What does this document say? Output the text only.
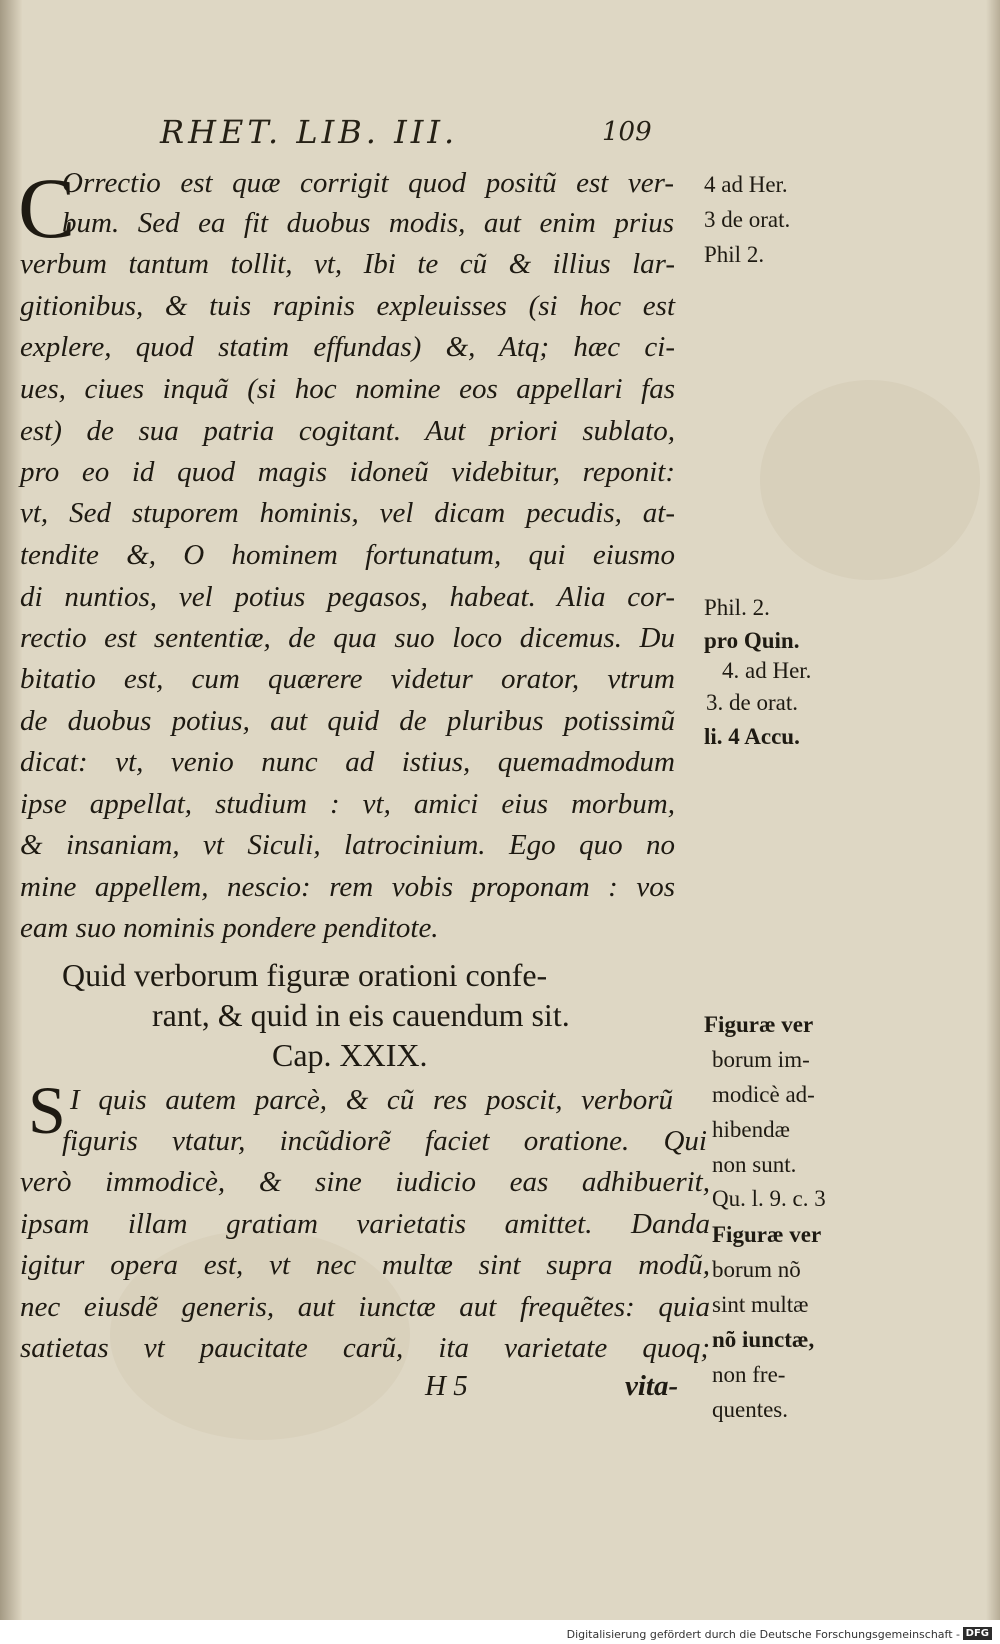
RHET. LIB. III.	109
C
Orrectio est quæ corrigit quod positũ est ver-
bum. Sed ea fit duobus modis, aut enim prius
verbum tantum tollit, vt, Ibi te cũ & illius lar-
gitionibus, & tuis rapinis expleuisses (si hoc est
explere, quod statim effundas) &, Atq; hæc ci-
ues, ciues inquã (si hoc nomine eos appellari fas
est) de sua patria cogitant. Aut priori sublato,
pro eo id quod magis idoneũ videbitur, reponit:
vt, Sed stuporem hominis, vel dicam pecudis, at-
tendite &, O hominem fortunatum, qui eiusmo
di nuntios, vel potius pegasos, habeat. Alia cor-
rectio est sententiæ, de qua suo loco dicemus. Du
bitatio est, cum quærere videtur orator, vtrum
de duobus potius, aut quid de pluribus potissimũ
dicat: vt, venio nunc ad istius, quemadmodum
ipse appellat, studium : vt, amici eius morbum,
& insaniam, vt Siculi, latrocinium. Ego quo no
mine appellem, nescio: rem vobis proponam : vos
eam suo nominis pondere penditote.
Quid verborum figuræ orationi confe-
rant, & quid in eis cauendum sit.
Cap. XXIX.
S I quis autem parcè, & cũ res poscit, verborũ
figuris vtatur, incũdiorẽ faciet oratione. Qui
verò immodicè, & sine iudicio eas adhibuerit,
ipsam illam gratiam varietatis amittet. Danda
igitur opera est, vt nec multæ sint supra modũ,
nec eiusdẽ generis, aut iunctæ aut frequẽtes: quia
satietas vt paucitate carũ, ita varietate quoq;
H 5	vita-
4 ad Her.
3 de orat.
Phil 2.
Phil. 2.
pro Quin.
4. ad Her.
3. de orat.
li. 4 Accu.
Figuræ ver
borum im-
modicè ad-
hibendæ
non sunt.
Qu. l. 9. c. 3
Figuræ ver
borum nõ
sint multæ
nõ iunctæ,
non fre-
quentes.
Digitalisierung gefördert durch die Deutsche Forschungsgemeinschaft - DFG
